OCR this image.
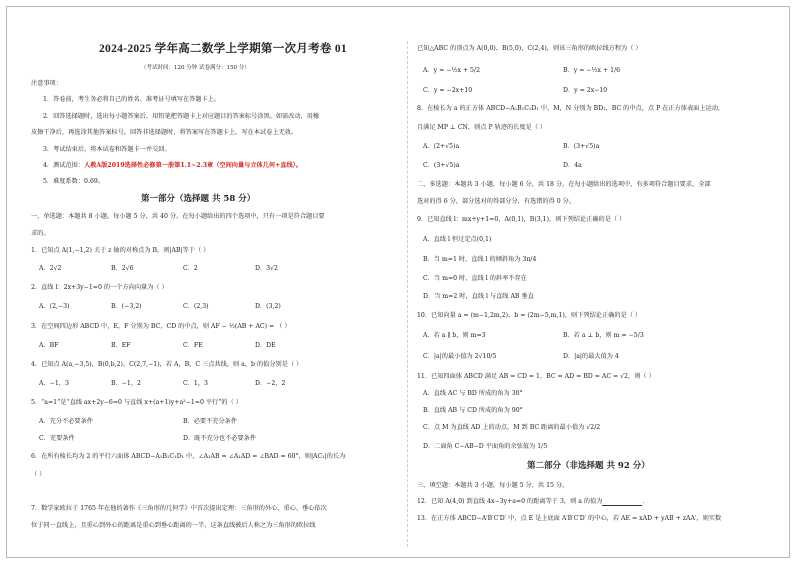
2024-2025 学年高二数学上学期第一次月考卷 01
（考试时间：120 分钟 试卷满分：150 分）
注意事项：
1．答卷前，考生务必将自己的姓名、准考证号填写在答题卡上。
2．回答选择题时，选出每小题答案后，用铅笔把答题卡上对应题目的答案标号涂黑。如需改动，用橡
皮擦干净后，再选涂其他答案标号。回答非选择题时，将答案写在答题卡上。写在本试卷上无效。
3．考试结束后，将本试卷和答题卡一并交回。
4．测试范围：人教A版2019选择性必修第一册第1.1~2.3章（空间向量与立体几何+直线）。
5．难度系数：0.69。
第一部分（选择题 共 58 分）
一、单选题：本题共 8 小题，每小题 5 分，共 40 分。在每小题给出的四个选项中，只有一项是符合题目要
求的。
1．已知点 A(1,−1,2) 关于 z 轴的对称点为 B，则|AB|等于（ ）
A．2√2	B．2√6	C．2	D．3√2
2．直线 l：2x+3y−1=0 的一个方向向量为（ ）
A．(2,−3)	B．(−3,2)	C．(2,3)	D．(3,2)
3．在空间四边形 ABCD 中，E，F 分别为 BC，CD 的中点，则 AF − ½(AB + AC) = （ ）
A．BF	B．EF	C．FE	D．DE
4．已知点 A(a,−3,5)，B(0,b,2)，C(2,7,−1)，若 A，B，C 三点共线，则 a，b 的值分别是（ ）
A．−1，3	B．−1，2	C．1，3	D．−2，2
5．“a=1”是“直线 ax+2y−6=0 与直线 x+(a+1)y+a²−1=0 平行”的（ ）
A．充分不必要条件	B．必要不充分条件
C．充要条件	D．既不充分也不必要条件
6．在所有棱长均为 2 的平行六面体 ABCD−A₁B₁C₁D₁ 中，∠A₁AB = ∠A₁AD = ∠BAD = 60°，则|AC₁|的长为
（ ）
7．数学家欧拉于 1765 年在他的著作《三角形的几何学》中首次提出定理：三角形的外心、重心、垂心依次
位于同一直线上，且重心到外心的距离是重心到垂心距离的一半，这条直线被后人称之为三角形的欧拉线
已知△ABC 的顶点为 A(0,0)，B(5,0)，C(2,4)，则该三角形的欧拉线方程为（ ）
A．y = −½x + 5/2	B．y = −½x + 1/6
C．y = −2x+10	D．y = 2x−10
8．在棱长为 a 的正方体 ABCD−A₁B₁C₁D₁ 中，M，N 分别为 BD₁，BC 的中点，点 P 在正方体表面上运动，
且满足 MP ⊥ CN，则点 P 轨迹的长度是（ ）
A．(2+√5)a	B．(3+√5)a
C．(3+√5)a	D．4a
二、多选题：本题共 3 小题，每小题 6 分，共 18 分。在每小题给出的选项中，有多项符合题目要求，全部
选对的得 6 分，部分选对的得部分分，有选错的得 0 分。
9．已知直线 l：mx+y+1=0，A(0,1)，B(3,1)，则下列结论正确的是（ ）
A．直线 l 恒过定点(0,1)
B．当 m=1 时，直线 l 的倾斜角为 3π/4
C．当 m=0 时，直线 l 的斜率不存在
D．当 m=2 时，直线 l 与直线 AB 垂直
10．已知向量 a = (m−1,2m,2)，b = (2m−5,m,1)，则下列结论正确的是（ ）
A．若 a ∥ b，则 m=3	B．若 a ⊥ b，则 m = −5/3
C．|a|的最小值为 2√10/5	D．|a|的最大值为 4
11．已知四面体 ABCD 满足 AB = CD = 1，BC = AD = BD = AC = √2，则（ ）
A．直线 AC 与 BD 所成的角为 30°
B．直线 AB 与 CD 所成的角为 90°
C．点 M 为直线 AD 上的动点，M 到 BC 距离的最小值为 √2/2
D．二面角 C−AB−D 平面角的余弦值为 1/5
第二部分（非选择题 共 92 分）
三、填空题：本题共 3 小题，每小题 5 分，共 15 分。
12．已知 A(4,0) 到直线 4x−3y+a=0 的距离等于 3，则 a 的值为	．
13．在正方体 ABCD−A′B′C′D′ 中，点 E 是上底面 A′B′C′D′ 的中心，若 AE = xAD + yAB + zAA′，则实数
